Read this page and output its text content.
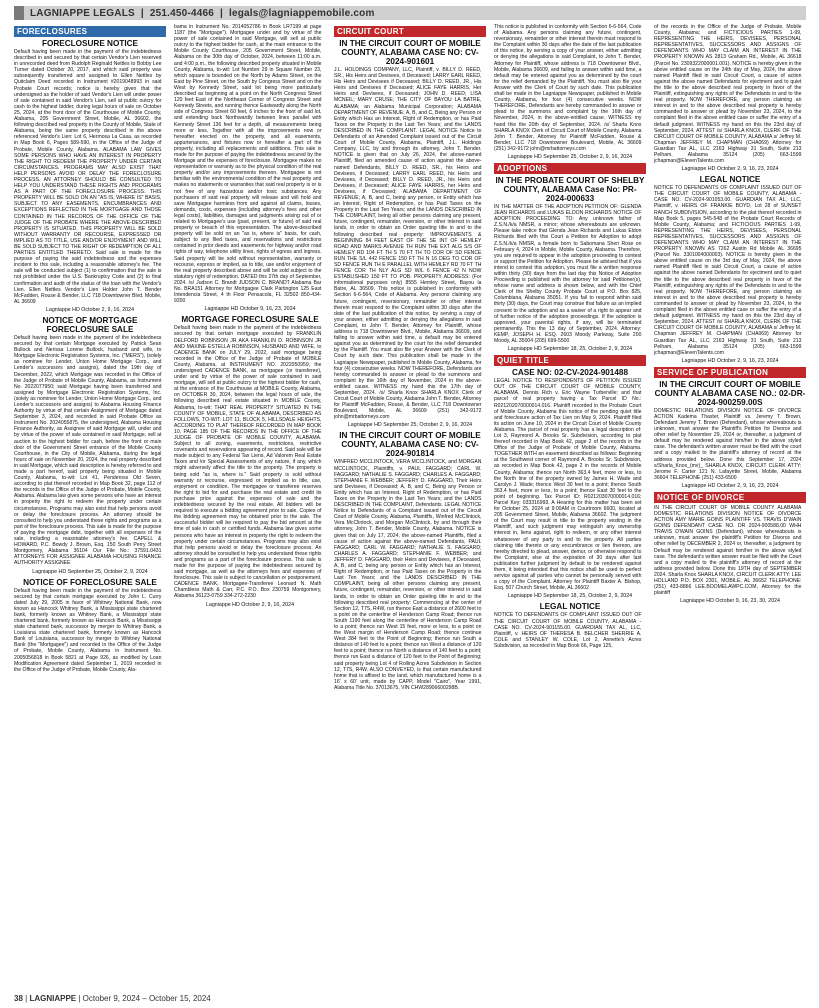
LAGNIAPPE LEGALS | 251.450-4466 | legals@lagniappemobile.com
FORECLOSURES
FORECLOSURE NOTICE

Default having been made in the payment of the indebtedness described in and secured by that certain Vendor's Lien reserved in unrecorded deed from Rudolph Reginald Nettles to Bobby Lee Turner dated October 20, 2017, and which said property was subsequently transferred and assigned to Ellen Nettles by Quitclaim Deed recorded in Instrument #2019048993 in said Probate Court records; notice is hereby given that the undersigned as the holder of said Vendor's Lien will under power of sale contained in said Vendor's Lien, sell at public outcry for cash to the highest bidder, during legal hours of sale on October 25, 2024, at the front door of the Courthouse of Mobile County, Alabama, 205 Government Street, Mobile, AL 36602, the following described real property in the County of Mobile, State of Alabama, being the same property described in the above referenced Vendor's Lien: Lot 6, Hermosa La Casa, as recorded in Map Book 6, Pages 589-590, in the Office of the Judge of Probate, Mobile County, Alabama. ALABAMA LAW GIVES SOME PERSONS WHO HAVE AN INTEREST IN PROPERTY THE RIGHT TO REDEEM THE PROPERTY UNDER CERTAIN CIRCUMSTANCES. PROGRAMS MAY ALSO EXIST THAT HELP PERSONS AVOID OR DELAY THE FORECLOSURE PROCESS. AN ATTORNEY SHOULD BE CONSULTED TO HELP YOU UNDERSTAND THESE RIGHTS AND PROGRAMS AS A PART OF THE FORECLOSURE PROCESS. THIS PROPERTY WILL BE SOLD ON AN "AS IS, WHERE IS" BASIS, SUBJECT TO ANY EASEMENTS, ENCUMBRANCES AND EXCEPTIONS REFLECTED IN THE MORTGAGE AND THOSE CONTAINED IN THE RECORDS OF THE OFFICE OF THE JUDGE OF THE PROBATE WHERE THE ABOVE-DESCRIBED PROPERTY IS SITUATED. THIS PROPERTY WILL BE SOLD WITHOUT WARRANTY OR RECOURSE, EXPRESSED OR IMPLIED AS TO TITLE, USE AND/OR ENJOYMENT AND WILL BE SOLD SUBJECT TO THE RIGHT OF REDEMPTION OF ALL PARTIES ENTITLED THERETO. Said sale is made for the purpose of paying the said indebtedness and the expenses incident to this sale, including a reasonable attorney's fee. The sale will be conducted subject (1) to confirmation that the sale is not prohibited under the U.S. Bankruptcy Code and (2) to final confirmation and audit of the status of the loan with the Vendor's Lien. Ellen Nettles Vendor's Lien Holder John T. Bender McFadden, Rouse & Bender, LLC 718 Downtowner Blvd. Mobile, AL 36609

Lagniappe HD October 2, 9, 16, 2024
NOTICE OF MORTGAGE FORECLOSURE SALE

Default having been made in the payment of the indebtedness secured by that certain Mortgage executed by Patrick Sean Bullock and Nerissa Lorene Bullock, husband and wife, to Mortgage Electronic Registration Systems, Inc. ("MERS"), (solely as nominee for Lender, Union Home Mortgage Corp., and Lender's successors and assigns), dated the 19th day of December, 2022, which Mortgage was recorded in the Office of the Judge of Probate of Mobile County, Alabama, as Instrument No. 2022077950; said Mortgage having been transferred and assigned by Mortgage Electronic Registration Systems, Inc. (solely as nominee for Lender, Union Home Mortgage Corp., and Lender's successors and assigns) to Alabama Housing Finance Authority by virtue of that certain Assignment of Mortgage dated September 3, 2024, and recorded in said Probate Office as Instrument No. 2024055875, the undersigned, Alabama Housing Finance Authority, as Assignee of said Mortgage will, under and by virtue of the power of sale contained in said Mortgage, sell at auction to the highest bidder for cash, before the front or main door of the Government Street entrance of the Mobile County Courthouse, in the City of Mobile, Alabama, during the legal hours of sale on November 20, 2024, the real property described in said Mortgage, which said description is hereby referred to and made a part hereof, said property being situated in Mobile County, Alabama, to-wit: Lot 41, Pendeross Old Seven, according to plat thereof recorded in Map Book 32, page 112 of the records in the Office of the Judge of Probate, Mobile County, Alabama. Alabama law gives some persons who have an interest in property the right to redeem the property under certain circumstances. Programs may also exist that help persons avoid or delay the foreclosure process. An attorney should be consulted to help you understand these rights and programs as a part of the foreclosure process. This sale is made for the purpose of paying the mortgage debt, together with all expenses of the sale, including a reasonable attorney's fee. CAPELL & HOWARD, P.C. Bowdy J. Brown, Esq. 150 South Perry Street Montgomery, Alabama 36104 Our File No.: 37591.0431 ATTORNEYS FOR ASSIGNEE ALABAMA HOUSING FINANCE AUTHORITY ASSIGNEE

Lagniappe HD September 25, October 2, 9, 2024
NOTICE OF FORECLOSURE SALE

Default having been made in the payment of the indebtedness secured by that certain mortgage executed by John L. Curry dated July 29, 2005 in favor of Whitney National Bank, now known as Hancock Whitney Bank, a Mississippi state chartered bank, formerly known as Whitney Bank, a Mississippi state chartered bank, formerly known as Hancock Bank, a Mississippi state chartered bank, successor by merger to Whitney Bank, a Louisiana state chartered bank, formerly known as Hancock Bank of Louisiana, successor by merger to Whitney National Bank (the "Mortgagee") and recorded in the Office of the Judge of Probate, Mobile County, Alabama in Instrument No. 2005056818 in Book 5821 at Page 926, as modified by Loan Modification Agreement dated September 1, 2019 recorded in the Office of the Judge of Probate, Mobile County, Ala-

bama in Instrument No. 2014052786 in Book LR7199 at page 1187 (the "Mortgage"). Mortgagee under and by virtue of the power of sale contained in said Mortgage, will sell at public outcry to the highest bidder for cash, at the main entrance to the Mobile County Courthouse, 205 Government Street, Mobile, Alabama on the 30th day of October, 2024, between 11:00 a.m. and 4:00 p.m., the following described property situated in Mobile County, Alabama, to-wit: Lot Number 29 in Square Number 23, which square is bounded on the North by Adams Street, on the East by Pine Street, on the South by Congress Street and on the West by Kennedy Street, said lot being more particularly described as beginning at a point on the North Congress Street 120 feet East of the Northeast Corner of Congress Street and Kennedy Streets, and running thence Eastwardly along the North side of Congress Street 60 feet, 6 inches to the front of said lot, and extending back Northwardly between lines parallel with Kennedy Street 136 feet for a depth, all measurements being more or less. Together with all the improvements now or hereafter erected on the property, and all easements, appurtenances, and fixtures now or hereafter a part of the property, including all replacements and additions. This sale is made for the purpose of paying the indebtedness secured by the Mortgage and the expenses of foreclosure. Mortgagee makes no representation or warranty as to the physical condition of the real property and/or any improvements thereon. Mortgagee is not familiar with the environmental condition of the real property and makes no statements or warranties that said real property is or is not free of any hazardous and/or toxic substances. Any purchasers of said real property will release and will hold and save Mortgagee harmless from and against all claims, losses, demands, costs, expenses (including attorney's fees and other legal costs), liabilities, damages and judgments arising out of or related to Mortgagee's use (past, present, or future) of said real property or breach of this representation. The above-described property will be sold on an "as is, where is" basis, for cash, subject to any filed taxes, and reservations and restrictions contained in prior deeds and easements for highway and/or road rights of way, telephone utility lines, rights of egress and ingress. Said property will be sold without representation, warranty or recourse, express or implied, as to title, use and/or enjoyment of the real property described above and will be sold subject to the statutory right of redemption. DATED this 27th day of September, 2024. /s/ Judson C. Brandt JUDSON C. BRANDT Alabama Bar No. BRA151 Attorney for Mortgagee Clark Partington 125 East Intendencia Street, 4 th Floor Pensacola, FL 32502 850-434-9200

Lagniappe HD October 9, 16, 23, 2024
MORTGAGE FORECLOSURE SALE

Default having been made in the payment of the indebtedness secured by that certain mortgage executed by FRANKLIN DELFORD ROBINSON JR AKA FRANKLIN D. ROBINSON JR AND MAXINE ESTELLA ROBINSON, HUSBAND AND WIFE, to CADENCE BANK on JULY 29, 2022, said mortgage being recorded in the Office of the Judge of Probate of MOBILE County, Alabama, at INSTRUMENT NO. 2022050959, the undersigned CADENCE BANK, as mortgagee (or transferee), under and by virtue of the power of sale contained in said mortgage, will sell at public outcry to the highest bidder for cash, at the entrance of the Courthouse at MOBILE County, Alabama, on OCTOBER 30, 2024, between the legal hours of sale, the following described real estate situated in MOBILE County, Alabama, to-wit: THAT REAL PROPERTY SITUATED IN THE COUNTY OF MOBILE, STATE OF ALABAMA, DESCRIBED AS FOLLOWS, TO-WIT: LOT 11, BLOCK 5, HILLSDALE HEIGHTS, ACCORDING TO PLAT THEREOF RECORDED IN MAP BOOK 10, PAGE 185 OF THE RECORDS IN THE OFFICE OF THE JUDGE OF PROBATE OF MOBILE COUNTY, ALABAMA. Subject to all zoning, easements, restrictions, restrictive covenants and reservations appearing of record. Said sale will be made subject to any Federal Tax Liens, Ad Valorem Real Estate Taxes and /or Special Assessments of any nature, if any, which might adversely affect the title to the property. The property is being sold "as is, where is." Said property is sold without warranty or recourse, expressed or implied as to title, use, enjoyment or condition. The mortgagee or transferee reserves the right to bid for and purchase the real estate and credit its purchase price against the expenses of sale and the indebtedness secured by the real estate. All bidders will be required to execute a bidding agreement prior to sale. Copies of the bidding agreement may be obtained prior to the sale. The successful bidder will be required to pay the bid amount at the time of sale in cash or certified funds. Alabama law gives some persons who have an interest in property the right to redeem the property under certain circumstances. Programs may also exist that help persons avoid or delay the foreclosure process. An attorney should be consulted to help you understand these rights and programs as a part of the foreclosure process. This sale is made for the purpose of paying the indebtedness secured by said mortgage, as well as the attorneys fees and expenses of foreclosure. This sale is subject to cancellation or postponement. CADENCE BANK, Mortgagee-Transferee Leonard N. Math Chambless Math & Carr, P.C. P.O. Box 230759 Montgomery, Alabama 36123-0759 334-272-2230

Lagniappe HD October 2, 9, 16, 2024
CIRCUIT COURT
IN THE CIRCUIT COURT OF MOBILE COUNTY, ALABAMA CASE NO: CV-2024-901601

J.L. HOLDINGS COMPANY, LLC, Plaintiff, v. BILLY D. REED, SR., His Heirs and Devisees, if Deceased; LARRY EARL REED, His Heirs and Devisees if Deceased; BILLY D. REED, JR., His Heirs and Devisees if Deceased; ALICE FAYE HARRIS, Her Heirs and Devisees, if Deceased; JOHN D. REED; LISA MCNEIL; MARY CRUSE; THE CITY OF BAYOU LA BATRE, ALABAMA; an Alabama Municipal Corporation; ALABAMA DEPARTMENT OF REVENUE; A, B, and C, Being any Person or Entity which Has an Interest, Right of Redemption, or has Paid Taxes on the Property in the Last Ten Years; and the LANDS DESCRIBED IN THE COMPLAINT. LEGAL NOTICE Notice to Defendants of an Amended Complaint issued out of the Circuit Court of Mobile County, Alabama, Plaintiff, J.L. Holdings Company, LLC, by and through its attorney, John T. Bender. NOTICE is given that on July 26, 2024, the above-named Plaintiff, filed an amended cause of action against the above-named Defendants, BILLY D. REED, SR., his Heirs and Devisees, if Deceased; LARRY EARL REED, his Heirs and Devisees, if Deceased; BILLY D. REED, JR., his Heirs and Devisees, if Deceased; ALICE FAYE HARRIS, her Heirs and Devisees, if Deceased; ALABAMA DEPARTMENT OF REVENUE; A, B, and C, being any person, or Entity which has an Interest, Right of Redemption, or has Paid Taxes on the Property in the Last Ten Years; and the LANDS DESCRIBED IN THE COMPLAINT, being all other persons claiming any present, future, contingent, remainder, reversion, or other interest in said lands, in order to obtain an Order quieting title in and to the following described real property: IMPROVEMENTS & BEGINNING 84 FEET EAST OF THE SE INT OF HEMLEY ROAD AND MARKS AVENUE TH RUN THE EXT ALG S/S OF HEMLEY RD 104 FT TH S 70 FT TH TO COR OF SD FENCE RUN THE S/L 442 FENCE 150 FT TH N 16 DEG TO COR OF SD FENCE RUN TH E PARALLEL WITH HEMLEY RD 70 FT TH FENCE COR TH NLY ALG SD W/L 6 FENCE 42 N NOW ESTABLISHED 150 FT TO POB. PROPERTY ADDRESS: (For informational purposes only) 8555 Hemley Street, Bayou la Batre, AL 36509. This notice is published in conformity with Section 6-6-564, Code of Alabama. Any persons claiming any future, contingent, reversionary, remainder or other interest therein must respond to the Complaint within 30 days after the date of the last publication of this notice, by serving a copy of your answer, either admitting or denying the allegations in said Complaint, to John T. Bender, Attorney for Plaintiff, whose address is 718 Downtowner Blvd., Mobile, Alabama 36609, and failing to answer within said time, a default may be entered against you as determined by the court for the relief demanded by the Plaintiff. You must also file your Answer with the Clerk of Court by such date. This publication shall be made in the Lagniappe Newspaper, published in Mobile County, Alabama, for four (4) consecutive weeks. NOW THEREFORE, Defendants are hereby commanded to answer or plead to the summons and complaint by the 16th day of November, 2024 in the above-entitled cause. WITNESS my hand this the 17th day of September, 2024. /s/ Sharla Knox SHARLA KNOX Clerk of Circuit Court of Mobile County, Alabama John T. Bender, Attorney for Plaintiff McFadden, Rouse, & Bender, LLC 718 Downtowner Boulevard, Mobile, AL 36609 (251) 342-9172 john@mrbattorneys.com

Lagniappe HD September 25, October 2, 9, 16, 2024
IN THE CIRCUIT COURT OF MOBILE COUNTY, ALABAMA CASE NO: CV-2024-901814

WINFRED MCCLINTOCK, VERA MCCLINTOCK, and MORGAN MCCLINTOCK, Plaintiffs, v. PAUL FAGGARD; CARL W. FAGGARD; NATHALIE S. FAGGARD; CHARLES A. FAGGARD; STEPHANIE F. WEBBER; JEFFERY D. FAGGARD, Their Heirs and Devisees, if Deceased; A, B, and C, Being any Person or Entity which has an Interest, Right of Redemption, or has Paid Taxes on the Property in the Last Ten Years; and the LANDS DESCRIBED IN THE COMPLAINT, Defendants. LEGAL NOTICE Notice to Defendants of a Complaint issued out of the Circuit Court of Mobile County, Alabama, Plaintiffs, Winfred McClintock, Vera McClintock, and Morgan McClintock, by and through their attorney, John T. Bender, Mobile County, Alabama. NOTICE is given that on July 17, 2024, the above-named Plaintiffs, filed a cause of action against the above-named Defendants, PAUL FAGGARD; CARL W. FAGGARD; NATHALIE S. FAGGARD; CHARLES A. FAGGARD; STEPHANIE F. WEBBER; and JEFFERY D. FAGGARD, their Heirs and Devisees, if Deceased, A, B, and C, being any person or Entity which has an Interest, Right of Redemption, or has Paid Taxes on the Property in the Last Ten Years; and the LANDS DESCRIBED IN THE COMPLAINT, being all other persons claiming any present, future, contingent, remainder, reversion, or other interest in said lands, in order to obtain an Order quieting title in and to the following described real property: Commencing at the center of Section 12, T7S, R4W, run thence East a distance of 2600 feet to a point on the centerline of Henderson Camp Road; thence run South 1190 feet along the centerline of Henderson Camp Road to a point; thence run West 15 feet, more or less, to a point on the West margin of Henderson Camp Road; thence continue West 384 feet to the Point of Beginning; thence run South a distance of 140 feet to a point; thence run West a distance of 120 feet to a point; thence run North a distance of 140 feet to a point; thence run East a distance of 120 feet to the Point of Beginning; said property being Lot 4 of Rolling Acres Subdivision in Section 12, T7S, R4W. ALSO CONVEYED, is that certain manufactured home that is affixed to the land, which manufactured home is a 16' x 60' unit, made by CAPP, Model "Cairo", Year 1991, Alabama Title No. 37013675, VIN CHW28906600298B.

This notice is published in conformity with Section 6-6-564, Code of Alabama. Any persons claiming any future, contingent, reversionary, remainder or other interest therein must respond to the Complaint within 30 days after the date of the last publication of this notice, by serving a copy of your answer, either admitting or denying the allegations in said Complaint, to John T. Bender, Attorney for Plaintiff, whose address is 718 Downtowner Blvd., Mobile, Alabama 36609, and failing to answer within said time, a default may be entered against you as determined by the court for the relief demanded by the Plaintiff. You must also file your Answer with the Clerk of Court by such date. This publication shall be made in the Lagniappe Newspaper, published in Mobile County, Alabama, for four (4) consecutive weeks. NOW THEREFORE, Defendants are hereby commanded to answer or plead to the summons and complaint by the 16th day of November, 2024, in the above-entitled cause. WITNESS my hand this the 20th day of September, 2024. /s/ Sharla Knox SHARLA KNOX Clerk of Circuit Court of Mobile County, Alabama John T. Bender, Attorney for Plaintiff McFadden, Rouse & Bender, LLC 718 Downtowner Boulevard, Mobile, AL 36609 (251) 342-9172 john@mrbattorneys.com

Lagniappe HD September 25, October 2, 9, 16, 2024
ADOPTIONS
IN THE PROBATE COURT OF SHELBY COUNTY, ALABAMA Case No: PR-2024-000633

IN THE MATTER OF THE ADOPTION PETITION OF: GLENDA JEAN RICHARDS and LUKAS ELDON RICHARDS NOTICE OF ADOPTION PROCEEDING TO: Any unknown father of Z.S.N./k/a NMSR, a minor; whose whereabouts are unknown. Please take notice that Glenda Jean Richards and Lukas Eldon Richards filed with this Court a Petition for Adoption to adopt Z.S.N./k/a NMSR, a female born to Sabomana Sheri Rose on February 4, 2024 in Mobile, Mobile County, Alabama. Therefore, you are required to appear in the adoption proceeding to contest or support the Petition for Adoption. Please be advised that if you intend to contest this adoption, you must file a written response within thirty (30) days from the last day this Notice of Adoption Proceeding is published with the attorney for said Petitioner(s), whose name and address is shown below, and with the Chief Clerk of the Shelby County Probate Court at P.O. Box 825, Columbiana, Alabama 35051. If you fail to respond within said thirty (30) days, the Court may construe that failure as an implied consent to the adoption and as a waiver of a right to appear and of further notice of the adoption proceedings. If the adoption is approved, your parental rights, if any, will be terminated permanently. This the 13 day of September, 2024. Attorney: KEMP, JOSEPH H. ESQ. 2603 Moody Parkway, Suite 200 Moody, AL 35004 (205) 699-5500

Lagniappe HD September 18, 25, October 2, 9, 2024
QUIET TITLE
CASE NO: 02-CV-2024-901488

LEGAL NOTICE TO RESPONDENTS OF PETITION ISSUED OUT OF THE CIRCUIT COURT OF MOBILE COUNTY, ALABAMA. Dennis Rich v. Eric Wayne Turberville; and that parcel of real property having a Tax Parcel ID No.: R021202070000014.016. Plaintiff recorded in the Probate Court of Mobile County, Alabama this notice of the pending quiet title and foreclosure action of Tax Lien on May 9, 2024. Plaintiff filed its action on June 10, 2024 in the Circuit Court of Mobile County Alabama. The parcel of real property has a legal description of: Lot 3, Raymond A. Brooks Sr. Subdivision, according to plat thereof recorded in Map Book 42, page 2 of the records in the Office of the Judge of Probate of Mobile County, Alabama. TOGETHER WITH an easement described as follows: Beginning at the Southwest corner of Raymond A. Brooks Sr. Subdivision, as recorded in Map Book 42, page 2 in the records of Mobile County, Alabama; thence run North 363.4 feet, more or less, to the North line of the property owned by James H. Wade and Carolyn J. Wade; thence West 30 feet to a point; thence South 363.4 feet, more or less, to a point; thence East 30 feet to the point of beginning. Tax Parcel ID: R021203070000014.016; Parcel Key: 033316993. A Hearing for this matter has been set for October 25, 2024 at 9:00AM in Courtroom 6600, located at 205 Government Street, Mobile, Alabama 36602. The judgment of the Court may result in title to the property vesting in the Plaintiff, and such judgment may extinguish any ownership interest in, liens against, right to redeem, or any other interest whatsoever of any party in and to the property. All parties claiming title thereto or any encumbrance or lien thereon, are hereby directed to plead, answer, demur, or otherwise respond to the Complaint, else at the expiration of 30 days after last publication further judgment by default to be rendered against them, it being intended that this notice shall be used to perfect service against all parties who cannot be personally served with a copy of the Complaint. Attorney for Plaintiff Baxter A. Bishop, Esq. 507 Church Street, Mobile, AL 36602

Lagniappe HD September 18, 25, October 2, 9, 2024
LEGAL NOTICE

NOTICE TO DEFENDANTS OF COMPLAINT ISSUED OUT OF THE CIRCUIT COURT OF MOBILE COUNTY, ALABAMA - CASE NO. CV-2024-901155.00. GUARDIAN TAX AL, LLC, Plaintiff, v. HEIRS OF THERESA B. BELCHER SHERRIE A. COLE and STANLEY W. COLE, Lot 2, Annette's Acres Subdivision, as recorded in Map Book 66, Page 125,

of the records in the Office of the Judge of Probate, Mobile County, Alabama; and FICTICIOUS PARTIES 1-99, REPRESENTING THE HEIRS, DEVISEES, PERSONAL REPRESENTATIVES, SUCCESSORS AND ASSIGNS OF DEFENDANTS WHO MAY CLAIM AN INTEREST IN THE PROPERTY KNOWN AS 2813 Graham Rd., Mobile, AL 36618 (Parcel No. 2309322000001.001). NOTICE is hereby given in the above entitled cause on the 24th day of May, 2024, the above named Plaintiff filed in said Circuit Court, a cause of action against the above named Defendants for ejectment and to quiet the title to the above described real property in favor of the Plaintiff, extinguishing any rights of the Defendants in and to the real property. NOW THEREFORE, any person claiming an interest in and to the above described real property is hereby commanded to answer or plead by November 23, 2024, to the complaint filed in the above entitled case or suffer the entry of a default judgment. WITNESS my hand on this the 23rd day of September, 2024. ATTEST /s/ SHARLA KNOX, CLERK OF THE CIRCUIT COURT OF MOBILE COUNTY, ALABAMA s/ Jeffrey M. Chapman JEFFREY M. CHAPMAN (CHA069) Attorney for Guardian Tax AL, LLC 2163 Highway 31 South, Suite 213 Pelham, Alabama 35124 (205) 663-1599 jchapman@ElevenTalents.com

Lagniappe HD October 2, 9, 16, 23, 2024
LEGAL NOTICE

NOTICE TO DEFENDANTS OF COMPLAINT ISSUED OUT OF THE CIRCUIT COURT OF MOBILE COUNTY, ALABAMA - CASE NO. CV-2024-901053.00. GUARDIAN TAX AL, LLC, Plaintiff, v. HEIRS OF FRANKIE BOYD, Lot 28 of SUNSET RANCH SUBDIVISION, according to the plat thereof recorded in Map Book 5, pages 545-548 of the Probate Court Records of Mobile County, Alabama; and FICTICIOUS PARTIES 1-99, REPRESENTING THE HEIRS, DEVISEES, PERSONAL REPRESENTATIVES, SUCCESSORS AND ASSIGNS OF DEFENDANTS WHO MAY CLAIM AN INTEREST IN THE PROPERTY KNOWN AS 7262 Austin Rd Mobile AL 36695 (Parcel No. 3301004000003). NOTICE is hereby given in the above entitled cause on the 3rd day of May, 2024, the above named Plaintiff filed in said Circuit Court, a cause of action against the above named Defendants for ejectment and to quiet the title to the above described real property in favor of the Plaintiff, extinguishing any rights of the Defendants in and to the real property. NOW THEREFORE, any person claiming an interest in and to the above described real property is hereby commanded to answer or plead by November 23, 2024, to the complaint filed in the above entitled case or suffer the entry of a default judgment. WITNESS my hand on this the 23rd day of September, 2024. ATTEST /s/ SHARLA KNOX, CLERK OF THE CIRCUIT COURT OF MOBILE COUNTY, ALABAMA s/ Jeffrey M. Chapman JEFFREY M. CHAPMAN (CHA069) Attorney for Guardian Tax AL, LLC 2163 Highway 31 South, Suite 213 Pelham, Alabama 35124 (205) 663-1599 jchapman@ElevenTalents.com

Lagniappe HD October 2, 9, 16, 23, 2024
SERVICE OF PUBLICATION
IN THE CIRCUIT COURT OF MOBILE COUNTY ALABAMA CASE NO.: 02-DR-2024-900259.00S

DOMESTIC RELATIONS DIVISION NOTICE OF DIVORCE ACTION Kadema Thaxter, Plaintiff vs. Jeremy T. Brown, Defendant Jeremy T. Brown (Defendant), whose whereabouts is unknown, must answer the Plaintiff's Petition for Divorce and other relief by November 29, 2024 or, thereafter, a judgment of default may be rendered against him/her in the above styled case. The defendant's written answer must be filed with the court and a copy mailed to the plaintiff's attorney of record at the address provided below. Done this September 17, 2024 s/Sharla_Knox_(mv)_ SHARLA KNOX, CIRCUIT CLERK ATTY: Jerome F. Carter 121 N. Lafayette Street, Mobile, Alabama 36604 TELEPHONE (251) 433-6500

Lagniappe HD October 2, 9, 16, 23, 2024
NOTICE OF DIVORCE

IN THE CIRCUIT COURT OF MOBILE COUNTY ALABAMA DOMESTIC RELATIONS DIVISION NOTICE OF DIVORCE ACTION AMY MARIE GOINS PLAINTIFF VS. TRAVIS D'WAIN GOINS DEFENDANT CASE NO. DR 2024-900588.00 WHH TRAVIS D'WAIN GOINS (Defendant), whose whereabouts is unknown, must answer the plaintiff's Petition for Divorce and other relief by DECEMBER 2, 2024 or, thereafter, a judgment by Default may be rendered against him/her in the above styled case. The defendant's written answer must be filed with the Court and a copy mailed to the plaintiff's attorney of record at the address provided below. Done this 19TH day of SEPTEMBER 2024. Sharla Knox SHARLA KNOX, CIRCUIT CLERK ATTY: LEE HOLLAND P.O. BOX 2301, MOBILE, AL 36652 TELEPHONE: (251) 433-8866 LEE.BOOMELAWPC.COM, Attorney for the plaintiff

Lagniappe HD October 9, 16, 23, 30, 2024
38 | LAGNIAPPE | October 9, 2024 – October 15, 2024
